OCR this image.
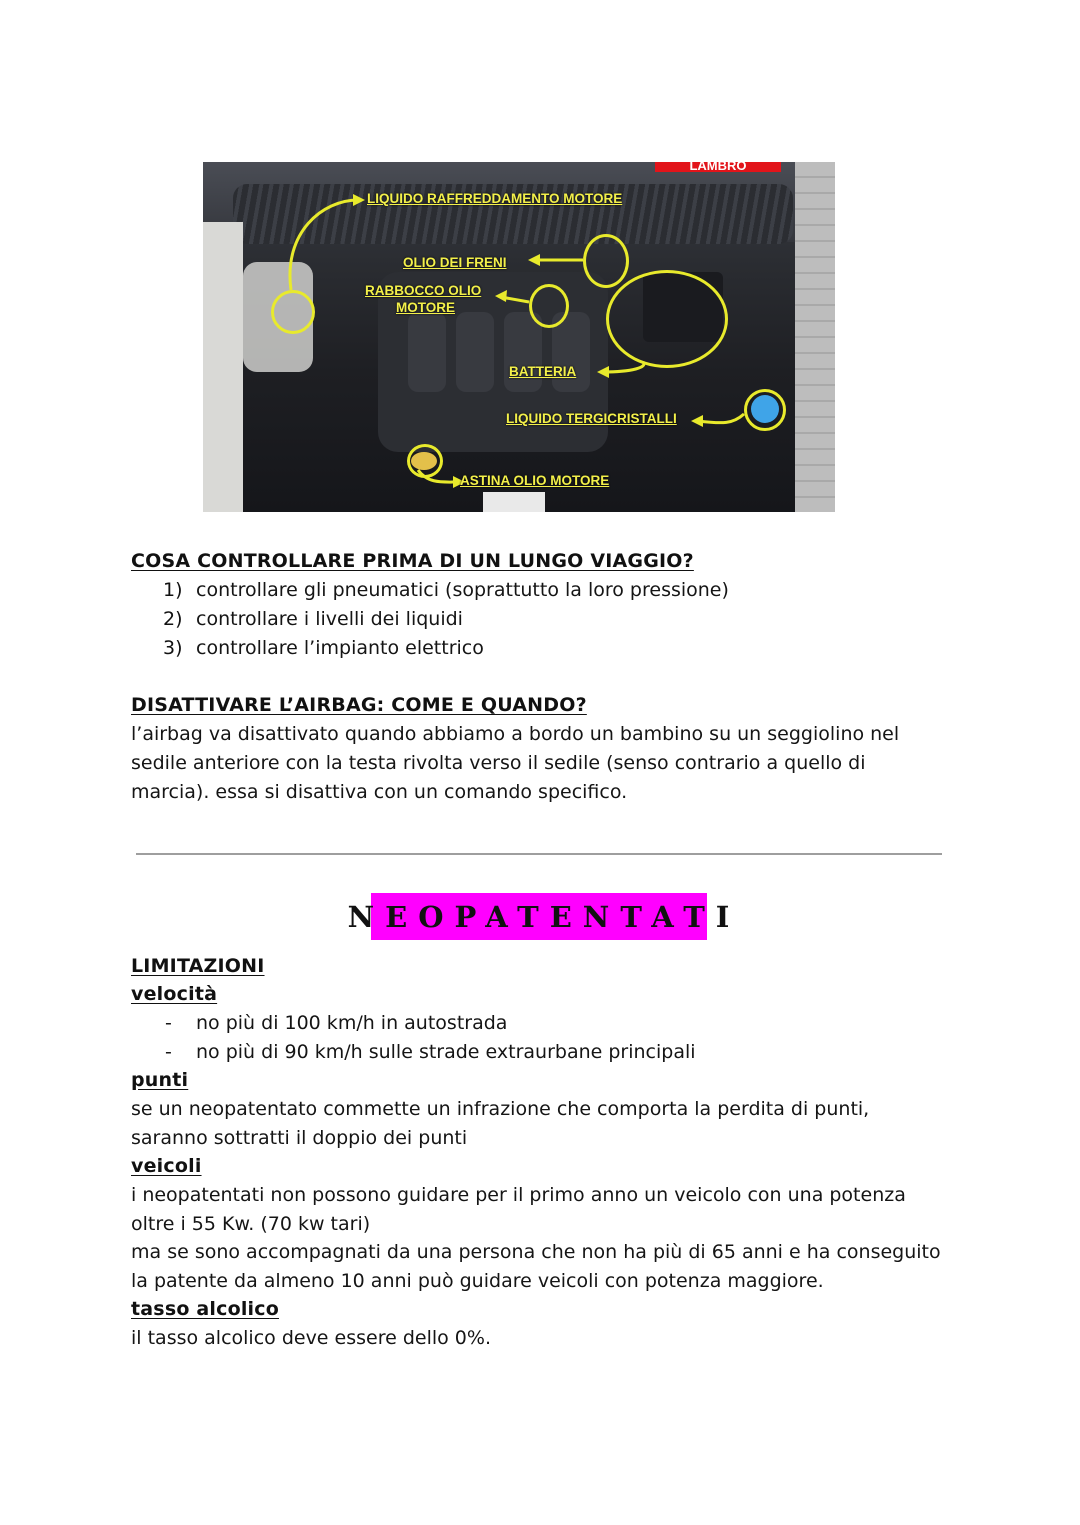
LAMBRO
LIQUIDO RAFFREDDAMENTO MOTORE
OLIO DEI FRENI
RABBOCCO OLIO
MOTORE
BATTERIA
LIQUIDO TERGICRISTALLI
ASTINA OLIO MOTORE
COSA CONTROLLARE PRIMA DI UN LUNGO VIAGGIO?
1) controllare gli pneumatici (soprattutto la loro pressione)
2) controllare i livelli dei liquidi
3) controllare l’impianto elettrico
DISATTIVARE L’AIRBAG: COME E QUANDO?
l’airbag va disattivato quando abbiamo a bordo un bambino su un seggiolino nel
sedile anteriore con la testa rivolta verso il sedile (senso contrario a quello di
marcia). essa si disattiva con un comando specifico.
NEOPATENTATI
LIMITAZIONI
velocità
- no più di 100 km/h in autostrada
- no più di 90 km/h sulle strade extraurbane principali
punti
se un neopatentato commette un infrazione che comporta la perdita di punti,
saranno sottratti il doppio dei punti
veicoli
i neopatentati non possono guidare per il primo anno un veicolo con una potenza
oltre i 55 Kw. (70 kw tari)
ma se sono accompagnati da una persona che non ha più di 65 anni e ha conseguito
la patente da almeno 10 anni può guidare veicoli con potenza maggiore.
tasso alcolico
il tasso alcolico deve essere dello 0%.
